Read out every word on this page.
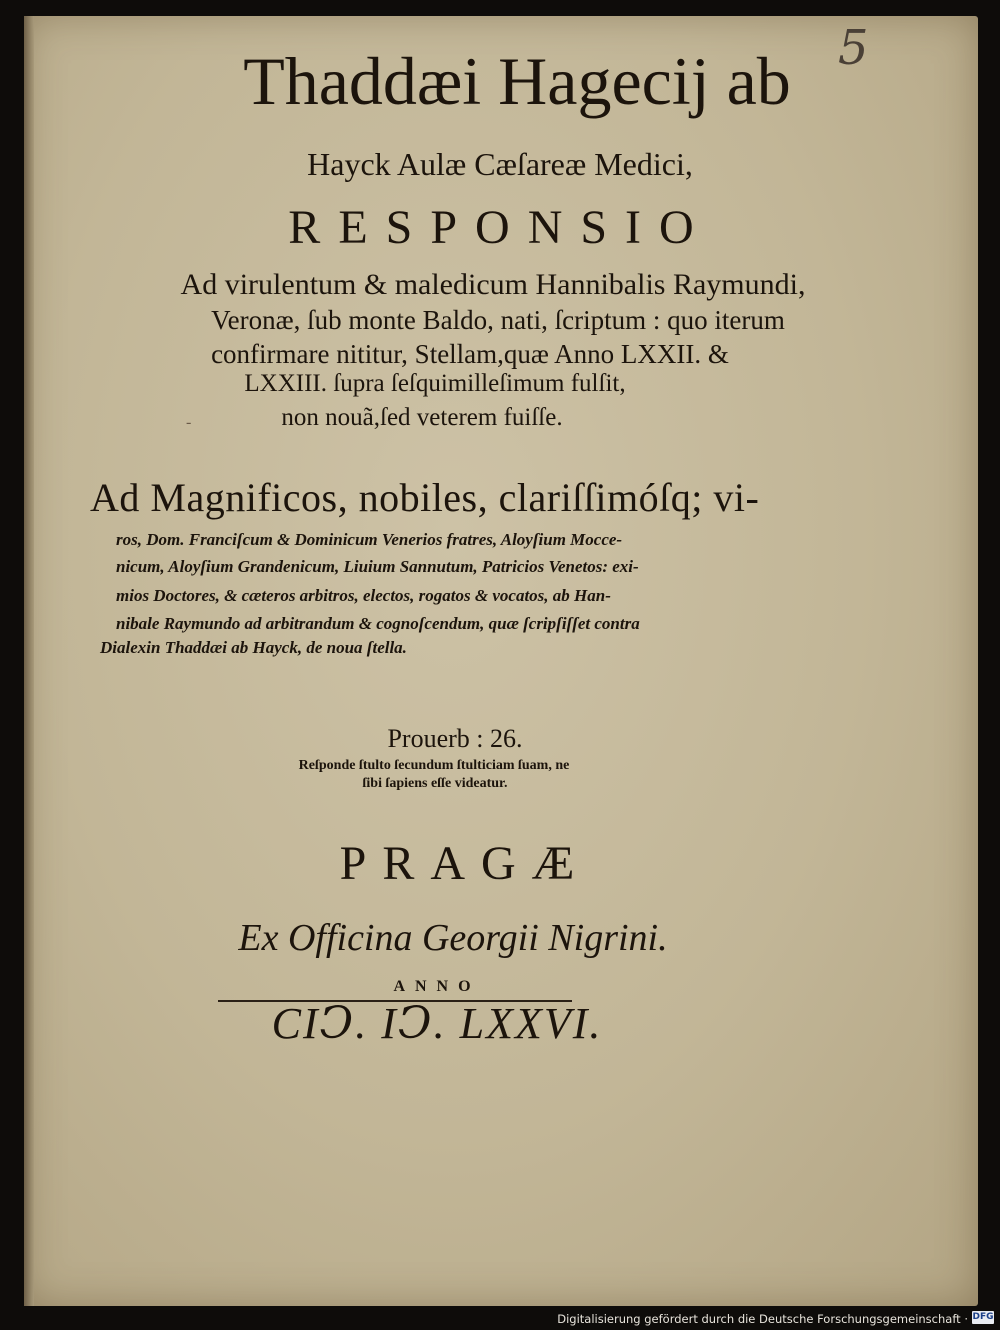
5

Thaddæi Hagecij ab

Hayck Aulæ Cæſareæ Medici,

RESPONSIO

Ad virulentum & maledicum Hannibalis Raymundi,

Veronæ, ſub monte Baldo, nati, ſcriptum : quo iterum

confirmare nititur, Stellam,quæ Anno LXXII. &

LXXIII. ſupra ſeſquimilleſimum fulſit,

non nouã,ſed veterem fuiſſe.

-

Ad Magnificos, nobiles, clariſſimóſq; vi-

ros, Dom. Franciſcum & Dominicum Venerios fratres, Aloyſium Mocce-

nicum, Aloyſium Grandenicum, Liuium Sannutum, Patricios Venetos: exi-

mios Doctores, & cæteros arbitros, electos, rogatos & vocatos, ab Han-

nibale Raymundo ad arbitrandum & cognoſcendum, quæ ſcripſiſſet contra

Dialexin Thaddæi ab Hayck, de noua ſtella.

Prouerb : 26.

Reſponde ſtulto ſecundum ſtulticiam ſuam, ne

ſibi ſapiens eſſe videatur.

PRAGÆ

Ex Officina Georgii Nigrini.

ANNO

CIↃ. IↃ. LXXVI.

Digitalisierung gefördert durch die Deutsche Forschungsgemeinschaft · DFG
